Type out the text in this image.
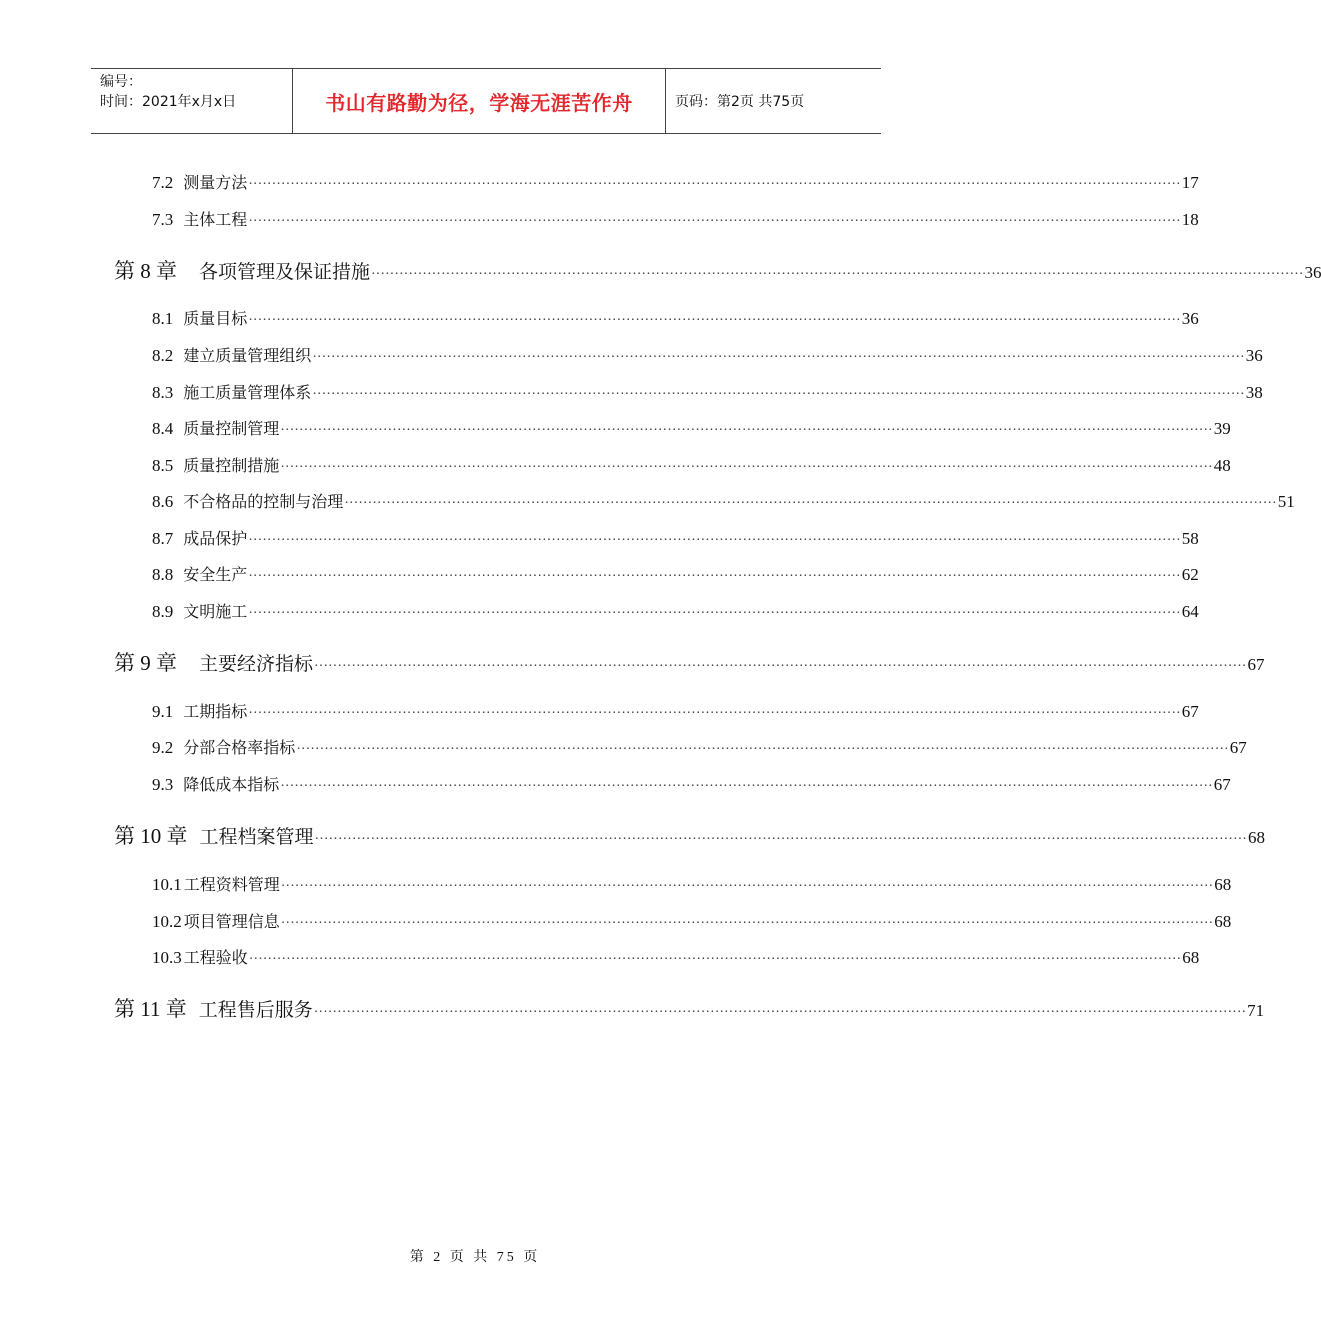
编号：
时间：2021年x月x日	书山有路勤为径，学海无涯苦作舟	页码：第2页 共75页
7.2 测量方法 ········································································································································································································ 17
7.3 主体工程 ········································································································································································································ 18
第 8 章 各项管理及保证措施 ········································································································································································································ 36
8.1 质量目标 ········································································································································································································ 36
8.2 建立质量管理组织 ········································································································································································································ 36
8.3 施工质量管理体系 ········································································································································································································ 38
8.4 质量控制管理 ········································································································································································································ 39
8.5 质量控制措施 ········································································································································································································ 48
8.6 不合格品的控制与治理 ········································································································································································································ 51
8.7 成品保护 ········································································································································································································ 58
8.8 安全生产 ········································································································································································································ 62
8.9 文明施工 ········································································································································································································ 64
第 9 章 主要经济指标 ········································································································································································································ 67
9.1 工期指标 ········································································································································································································ 67
9.2 分部合格率指标 ········································································································································································································ 67
9.3 降低成本指标 ········································································································································································································ 67
第 10 章 工程档案管理 ········································································································································································································ 68
10.1 工程资料管理 ········································································································································································································ 68
10.2 项目管理信息 ········································································································································································································ 68
10.3 工程验收 ········································································································································································································ 68
第 11 章 工程售后服务 ········································································································································································································ 71
第 2 页 共 75 页
